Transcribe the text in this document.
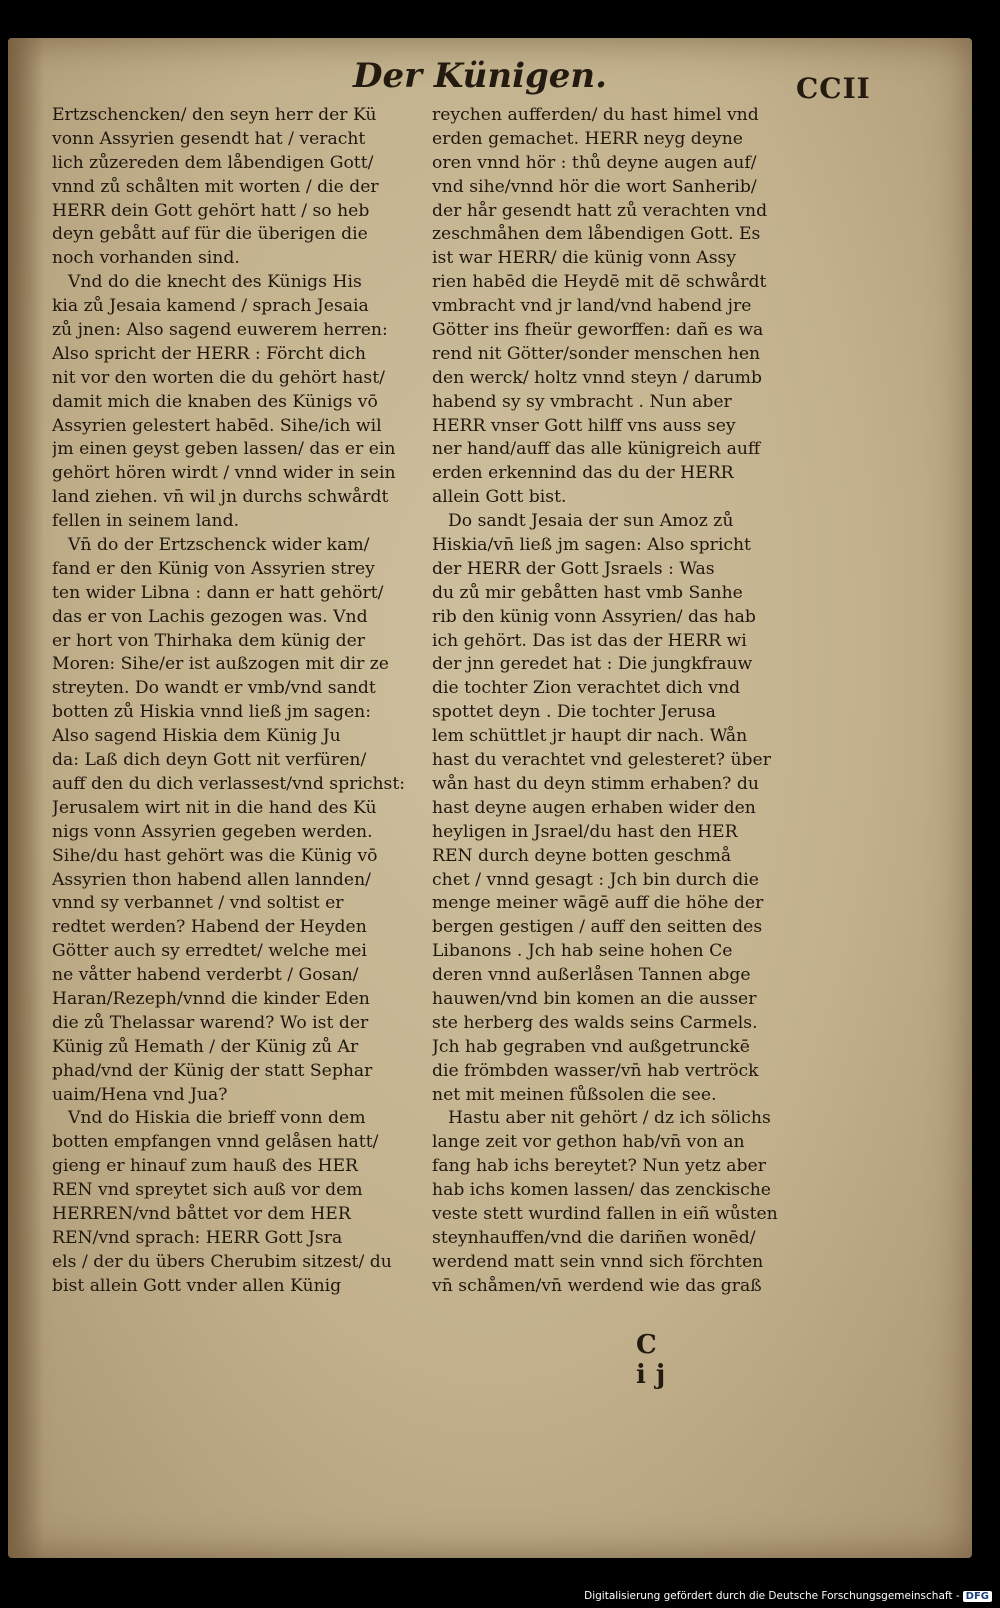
Der Künigen.	CCII
Ertzschencken/ den seyn herr der Kü
vonn Assyrien gesendt hat / veracht
lich zůzereden dem låbendigen Gott/
vnnd zů schålten mit worten / die der
HERR dein Gott gehört hatt / so heb
deyn gebått auf für die überigen die
noch vorhanden sind.
Vnd do die knecht des Künigs His
kia zů Jesaia kamend / sprach Jesaia
zů jnen: Also sagend euwerem herren:
Also spricht der HERR : Förcht dich
nit vor den worten die du gehört hast/
damit mich die knaben des Künigs vō
Assyrien gelestert habēd. Sihe/ich wil
jm einen geyst geben lassen/ das er ein
gehört hören wirdt / vnnd wider in sein
land ziehen. vn̄ wil jn durchs schwårdt
fellen in seinem land.
Vn̄ do der Ertzschenck wider kam/
fand er den Künig von Assyrien strey
ten wider Libna : dann er hatt gehört/
das er von Lachis gezogen was. Vnd
er hort von Thirhaka dem künig der
Moren: Sihe/er ist außzogen mit dir ze
streyten. Do wandt er vmb/vnd sandt
botten zů Hiskia vnnd ließ jm sagen:
Also sagend Hiskia dem Künig Ju
da: Laß dich deyn Gott nit verfüren/
auff den du dich verlassest/vnd sprichst:
Jerusalem wirt nit in die hand des Kü
nigs vonn Assyrien gegeben werden.
Sihe/du hast gehört was die Künig vō
Assyrien thon habend allen lannden/
vnnd sy verbannet / vnd soltist er
redtet werden? Habend der Heyden
Götter auch sy erredtet/ welche mei
ne våtter habend verderbt / Gosan/
Haran/Rezeph/vnnd die kinder Eden
die zů Thelassar warend? Wo ist der
Künig zů Hemath / der Künig zů Ar
phad/vnd der Künig der statt Sephar
uaim/Hena vnd Jua?
Vnd do Hiskia die brieff vonn dem
botten empfangen vnnd gelåsen hatt/
gieng er hinauf zum hauß des HER
REN vnd spreytet sich auß vor dem
HERREN/vnd båttet vor dem HER
REN/vnd sprach: HERR Gott Jsra
els / der du übers Cherubim sitzest/ du
bist allein Gott vnder allen Künig
reychen aufferden/ du hast himel vnd
erden gemachet. HERR neyg deyne
oren vnnd hör : thů deyne augen auf/
vnd sihe/vnnd hör die wort Sanherib/
der hår gesendt hatt zů verachten vnd
zeschmåhen dem låbendigen Gott. Es
ist war HERR/ die künig vonn Assy
rien habēd die Heydē mit dē schwårdt
vmbracht vnd jr land/vnd habend jre
Götter ins fheür geworffen: dañ es wa
rend nit Götter/sonder menschen hen
den werck/ holtz vnnd steyn / darumb
habend sy sy vmbracht . Nun aber
HERR vnser Gott hilff vns auss sey
ner hand/auff das alle künigreich auff
erden erkennind das du der HERR
allein Gott bist.
Do sandt Jesaia der sun Amoz zů
Hiskia/vn̄ ließ jm sagen: Also spricht
der HERR der Gott Jsraels : Was
du zů mir gebåtten hast vmb Sanhe
rib den künig vonn Assyrien/ das hab
ich gehört. Das ist das der HERR wi
der jnn geredet hat : Die jungkfrauw
die tochter Zion verachtet dich vnd
spottet deyn . Die tochter Jerusa
lem schüttlet jr haupt dir nach. Wån
hast du verachtet vnd gelesteret? über
wån hast du deyn stimm erhaben? du
hast deyne augen erhaben wider den
heyligen in Jsrael/du hast den HER
REN durch deyne botten geschmå
chet / vnnd gesagt : Jch bin durch die
menge meiner wāgē auff die höhe der
bergen gestigen / auff den seitten des
Libanons . Jch hab seine hohen Ce
deren vnnd außerlåsen Tannen abge
hauwen/vnd bin komen an die ausser
ste herberg des walds seins Carmels.
Jch hab gegraben vnd außgetrunckē
die frömbden wasser/vn̄ hab vertröck
net mit meinen fůßsolen die see.
Hastu aber nit gehört / dz ich sölichs
lange zeit vor gethon hab/vn̄ von an
fang hab ichs bereytet? Nun yetz aber
hab ichs komen lassen/ das zenckische
veste stett wurdind fallen in eiñ wůsten
steynhauffen/vnd die dariñen wonēd/
werdend matt sein vnnd sich förchten
vn̄ schåmen/vn̄ werdend wie das graß
C ij
Digitalisierung gefördert durch die Deutsche Forschungsgemeinschaft - DFG
